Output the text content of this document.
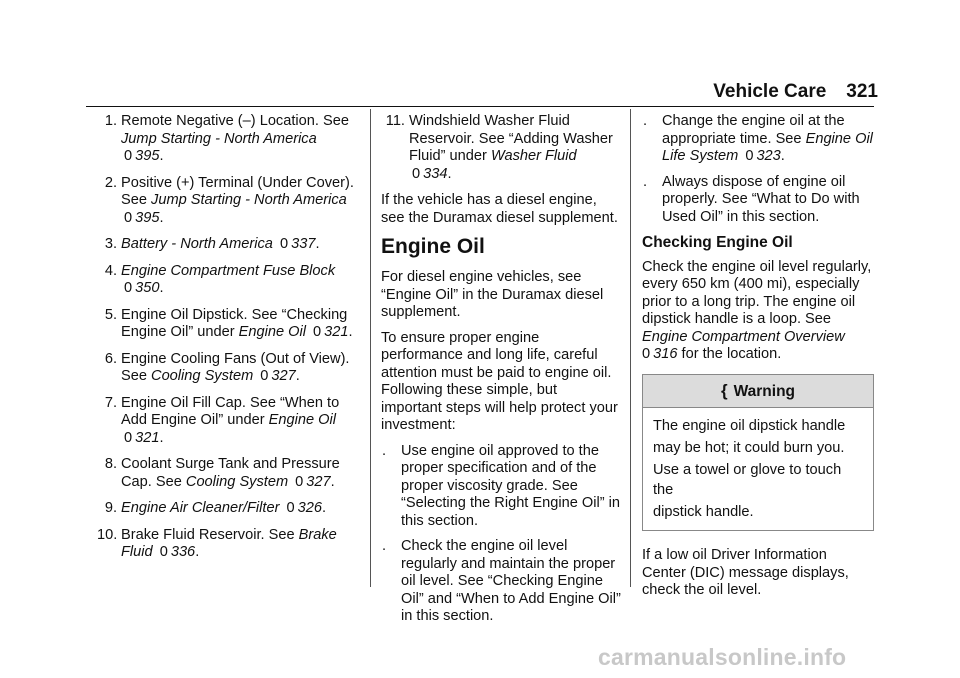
Vehicle Care 321
1. Remote Negative (–) Location. See Jump Starting - North America 0 395.
2. Positive (+) Terminal (Under Cover). See Jump Starting - North America 0 395.
3. Battery - North America 0 337.
4. Engine Compartment Fuse Block 0 350.
5. Engine Oil Dipstick. See “Checking Engine Oil” under Engine Oil 0 321.
6. Engine Cooling Fans (Out of View). See Cooling System 0 327.
7. Engine Oil Fill Cap. See “When to Add Engine Oil” under Engine Oil 0 321.
8. Coolant Surge Tank and Pressure Cap. See Cooling System 0 327.
9. Engine Air Cleaner/Filter 0 326.
10. Brake Fluid Reservoir. See Brake Fluid 0 336.
11. Windshield Washer Fluid Reservoir. See “Adding Washer Fluid” under Washer Fluid 0 334.

If the vehicle has a diesel engine, see the Duramax diesel supplement.

Engine Oil

For diesel engine vehicles, see “Engine Oil” in the Duramax diesel supplement.

To ensure proper engine performance and long life, careful attention must be paid to engine oil. Following these simple, but important steps will help protect your investment:

. Use engine oil approved to the proper specification and of the proper viscosity grade. See “Selecting the Right Engine Oil” in this section.
. Check the engine oil level regularly and maintain the proper oil level. See “Checking Engine Oil” and “When to Add Engine Oil” in this section.
. Change the engine oil at the appropriate time. See Engine Oil Life System 0 323.
. Always dispose of engine oil properly. See “What to Do with Used Oil” in this section.
Checking Engine Oil

Check the engine oil level regularly, every 650 km (400 mi), especially prior to a long trip. The engine oil dipstick handle is a loop. See Engine Compartment Overview
0 316 for the location.

{ Warning

The engine oil dipstick handle

may be hot; it could burn you.

Use a towel or glove to touch the

dipstick handle.

If a low oil Driver Information Center (DIC) message displays, check the oil level.

carmanualsonline.info
